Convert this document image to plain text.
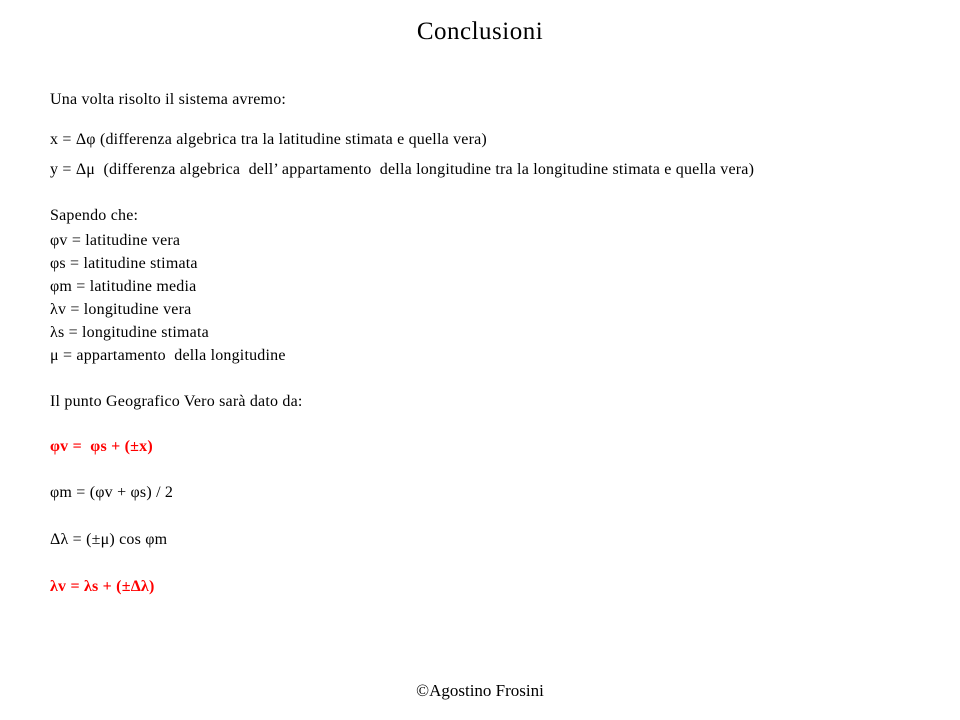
Conclusioni
Una volta risolto il sistema avremo:
x = Δφ (differenza algebrica tra la latitudine stimata e quella vera)
y = Δμ  (differenza algebrica  dell’ appartamento  della longitudine tra la longitudine stimata e quella vera)
Sapendo che:
φv = latitudine vera
φs = latitudine stimata
φm = latitudine media
λv = longitudine vera
λs = longitudine stimata
μ = appartamento  della longitudine
Il punto Geografico Vero sarà dato da:
φv =  φs + (±x)
φm = (φv + φs) / 2
Δλ = (±μ) cos φm
λv = λs + (±Δλ)
©Agostino Frosini
